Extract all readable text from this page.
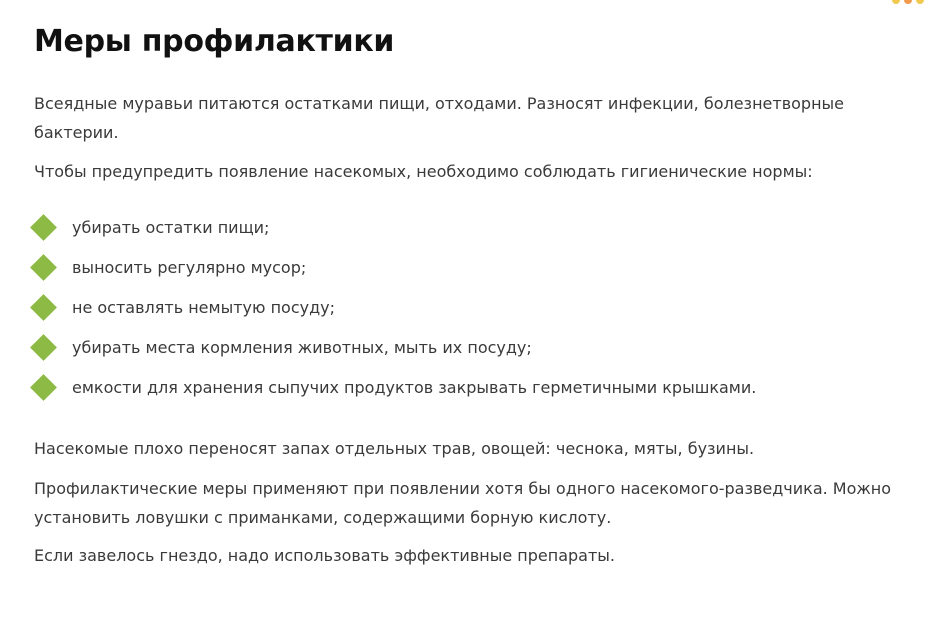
Меры профилактики

Всеядные муравьи питаются остатками пищи, отходами. Разносят инфекции, болезнетворные бактерии.

Чтобы предупредить появление насекомых, необходимо соблюдать гигиенические нормы:

убирать остатки пищи;
выносить регулярно мусор;
не оставлять немытую посуду;
убирать места кормления животных, мыть их посуду;
емкости для хранения сыпучих продуктов закрывать герметичными крышками.

Насекомые плохо переносят запах отдельных трав, овощей: чеснока, мяты, бузины.

Профилактические меры применяют при появлении хотя бы одного насекомого-разведчика. Можно установить ловушки с приманками, содержащими борную кислоту.

Если завелось гнездо, надо использовать эффективные препараты.
